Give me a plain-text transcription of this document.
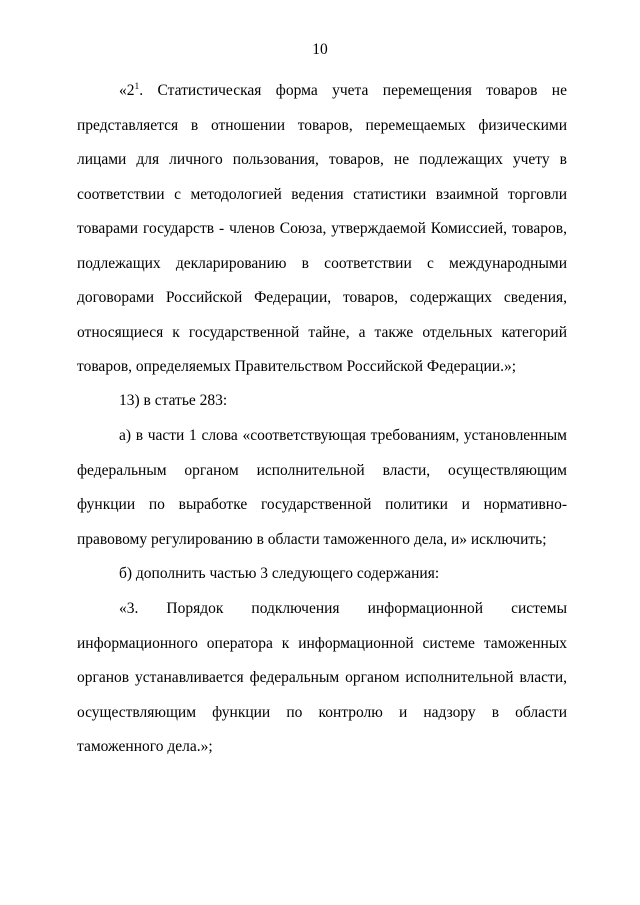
10

«$2^1$. Статистическая форма учета перемещения товаров не представляется в отношении товаров, перемещаемых физическими лицами для личного пользования, товаров, не подлежащих учету в соответствии с методологией ведения статистики взаимной торговли товарами государств - членов Союза, утверждаемой Комиссией, товаров, подлежащих декларированию в соответствии с международными договорами Российской Федерации, товаров, содержащих сведения, относящиеся к государственной тайне, а также отдельных категорий товаров, определяемых Правительством Российской Федерации.»;

13) в статье 283:

а) в части 1 слова «соответствующая требованиям, установленным федеральным органом исполнительной власти, осуществляющим функции по выработке государственной политики и нормативно-правовому регулированию в области таможенного дела, и» исключить;

б) дополнить частью 3 следующего содержания:

«3. Порядок подключения информационной системы информационного оператора к информационной системе таможенных органов устанавливается федеральным органом исполнительной власти, осуществляющим функции по контролю и надзору в области таможенного дела.»;
